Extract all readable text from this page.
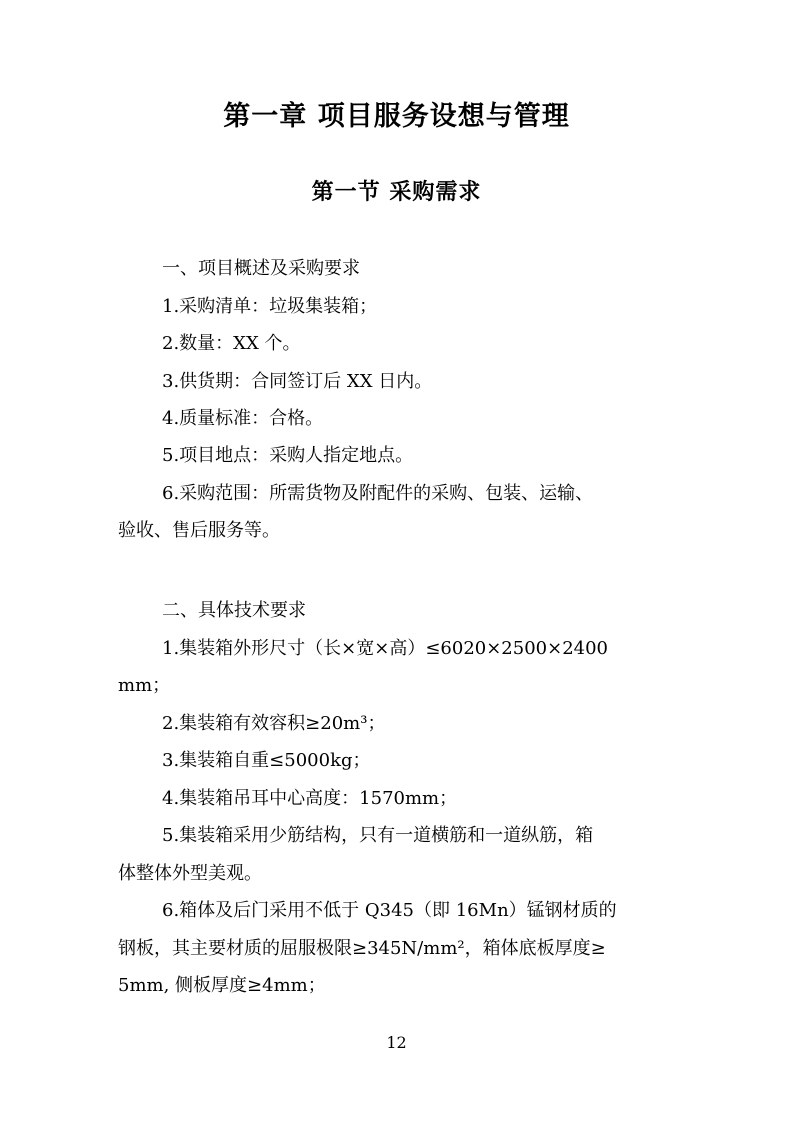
第一章 项目服务设想与管理
第一节 采购需求
一、项目概述及采购要求
1.采购清单：垃圾集装箱；
2.数量：XX 个。
3.供货期：合同签订后 XX 日内。
4.质量标准：合格。
5.项目地点：采购人指定地点。
6.采购范围：所需货物及附配件的采购、包装、运输、
验收、售后服务等。
二、具体技术要求
1.集装箱外形尺寸（长×宽×高）≤6020×2500×2400
mm；
2.集装箱有效容积≥20m³；
3.集装箱自重≤5000kg；
4.集装箱吊耳中心高度：1570mm；
5.集装箱采用少筋结构，只有一道横筋和一道纵筋，箱
体整体外型美观。
6.箱体及后门采用不低于 Q345（即 16Mn）锰钢材质的
钢板，其主要材质的屈服极限≥345N/mm²，箱体底板厚度≥
5mm, 侧板厚度≥4mm；
12
